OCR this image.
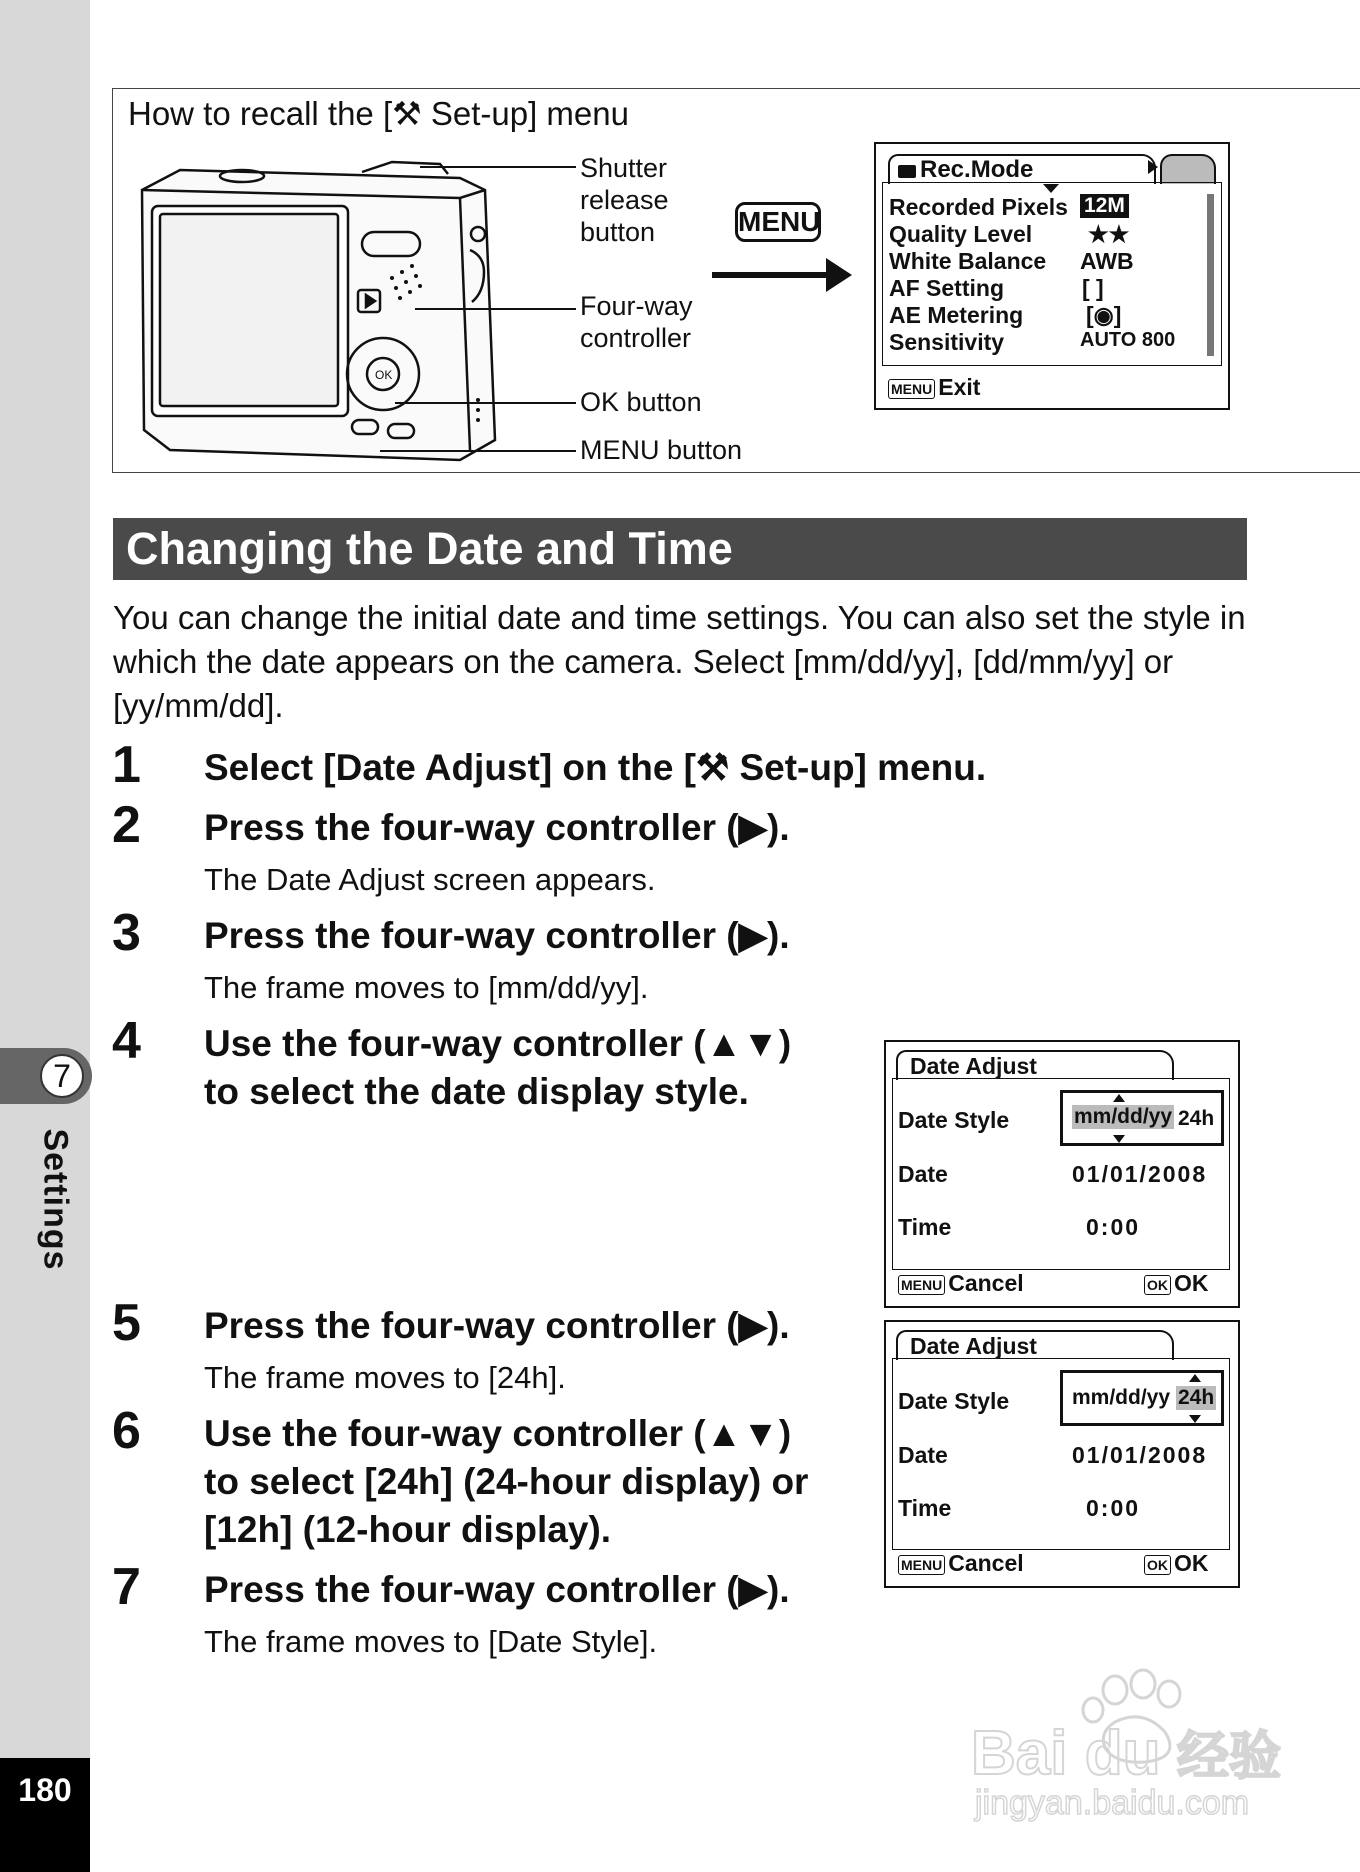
7
Settings
180
How to recall the [⚒ Set-up] menu
OK
Shutter
release
button
Four-way
controller
OK button
MENU button
MENU
Rec.Mode
Recorded Pixels
Quality Level
White Balance
AF Setting
AE Metering
Sensitivity
12M
★★
AWB
[ ]
[◉]
AUTO 800
MENU Exit
Changing the Date and Time
You can change the initial date and time settings. You can also set the style in which the date appears on the camera. Select [mm/dd/yy], [dd/mm/yy] or [yy/mm/dd].
1 Select [Date Adjust] on the [⚒ Set-up] menu.
2 Press the four-way controller (▶).
The Date Adjust screen appears.
3 Press the four-way controller (▶).
The frame moves to [mm/dd/yy].
4 Use the four-way controller (▲▼)
to select the date display style.
5 Press the four-way controller (▶).
The frame moves to [24h].
6 Use the four-way controller (▲▼)
to select [24h] (24-hour display) or
[12h] (12-hour display).
7 Press the four-way controller (▶).
The frame moves to [Date Style].
Date Adjust
Date Style
Date
Time
mm/dd/yy 24h
01/01/2008
0:00
MENU Cancel	OK OK
Date Adjust
Date Style
Date
Time
mm/dd/yy 24h
01/01/2008
0:00
MENU Cancel	OK OK
Bai du 经验
jingyan.baidu.com
